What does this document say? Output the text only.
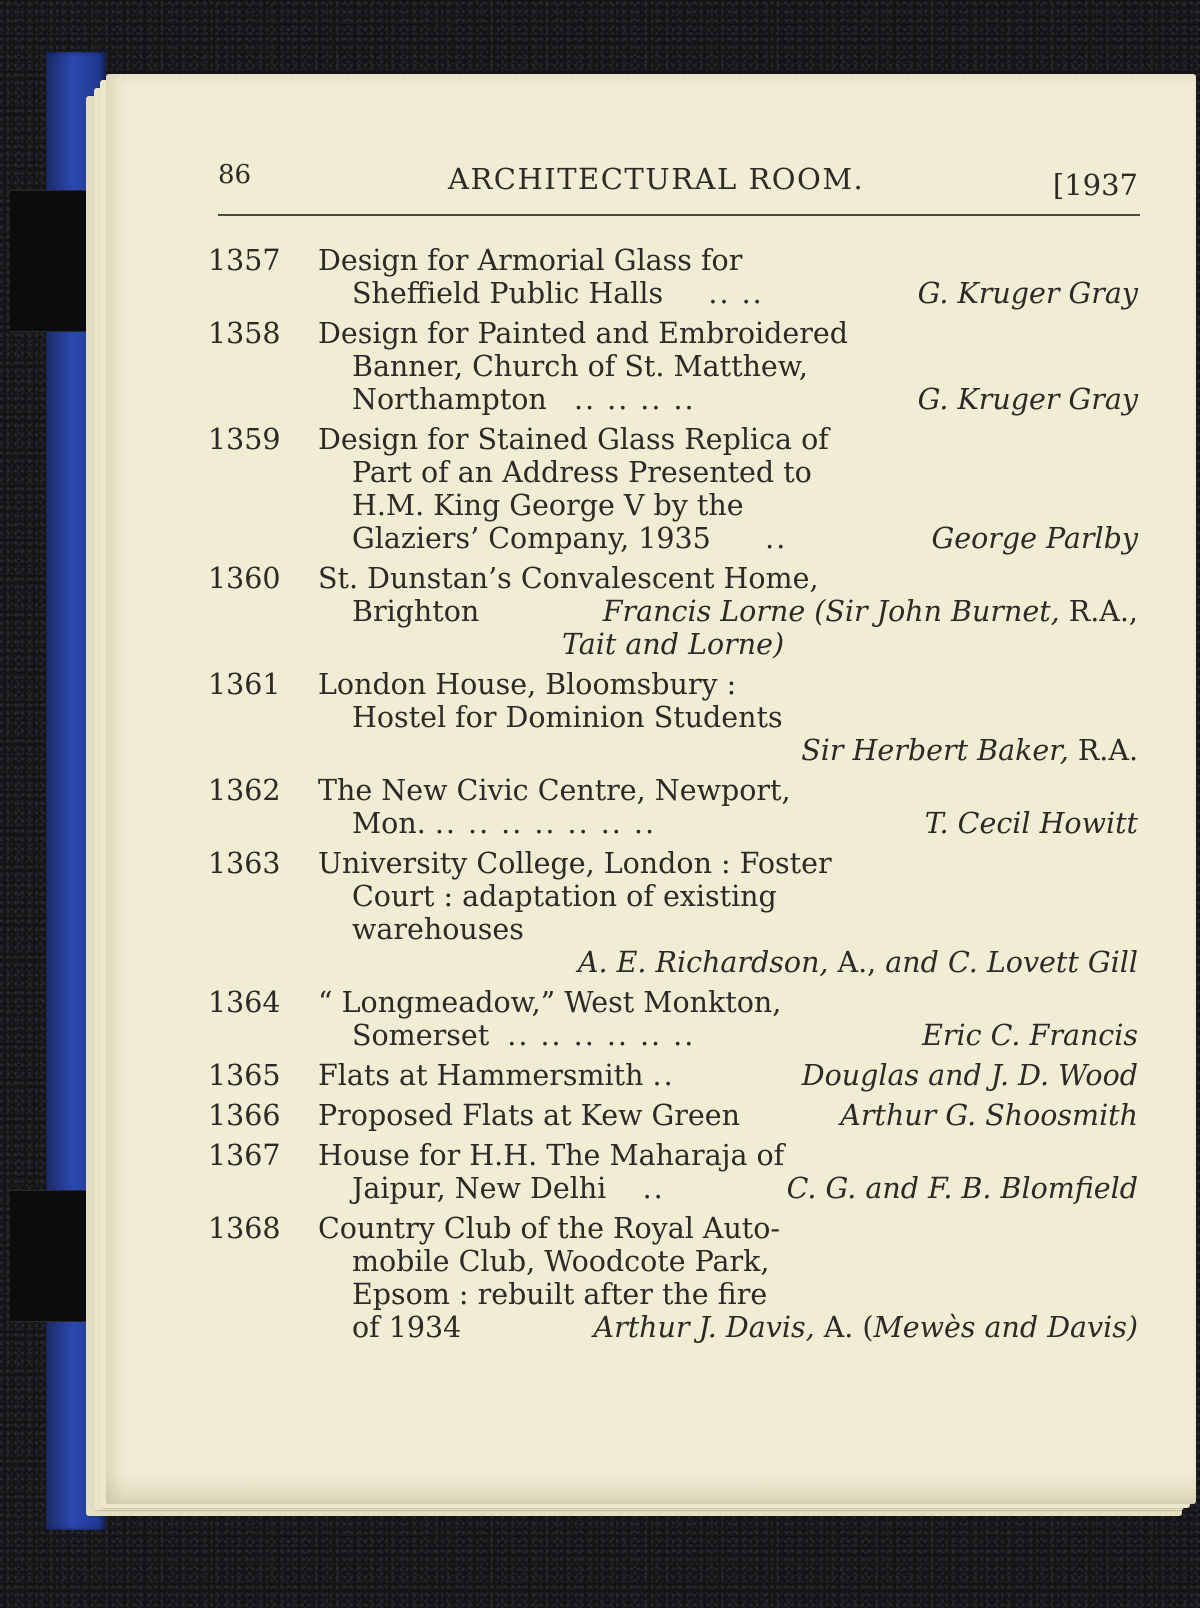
86	ARCHITECTURAL ROOM.	[1937
1357	Design for Armorial Glass for
Sheffield Public Halls .. ..	G. Kruger Gray
1358	Design for Painted and Embroidered
Banner, Church of St. Matthew,
Northampton .. .. .. ..	G. Kruger Gray
1359	Design for Stained Glass Replica of
Part of an Address Presented to
H.M. King George V by the
Glaziers’ Company, 1935 ..	George Parlby
1360	St. Dunstan’s Convalescent Home,
Brighton	Francis Lorne (Sir John Burnet, R.A.,
Tait and Lorne)
1361	London House, Bloomsbury :
Hostel for Dominion Students
Sir Herbert Baker, R.A.
1362	The New Civic Centre, Newport,
Mon. .. .. .. .. .. .. ..	T. Cecil Howitt
1363	University College, London : Foster
Court : adaptation of existing
warehouses
A. E. Richardson, A., and C. Lovett Gill
1364	“ Longmeadow,” West Monkton,
Somerset .. .. .. .. .. ..	Eric C. Francis
1365	Flats at Hammersmith ..	Douglas and J. D. Wood
1366	Proposed Flats at Kew Green	Arthur G. Shoosmith
1367	House for H.H. The Maharaja of
Jaipur, New Delhi ..	C. G. and F. B. Blomfield
1368	Country Club of the Royal Auto-
mobile Club, Woodcote Park,
Epsom : rebuilt after the fire
of 1934	Arthur J. Davis, A. (Mewès and Davis)
